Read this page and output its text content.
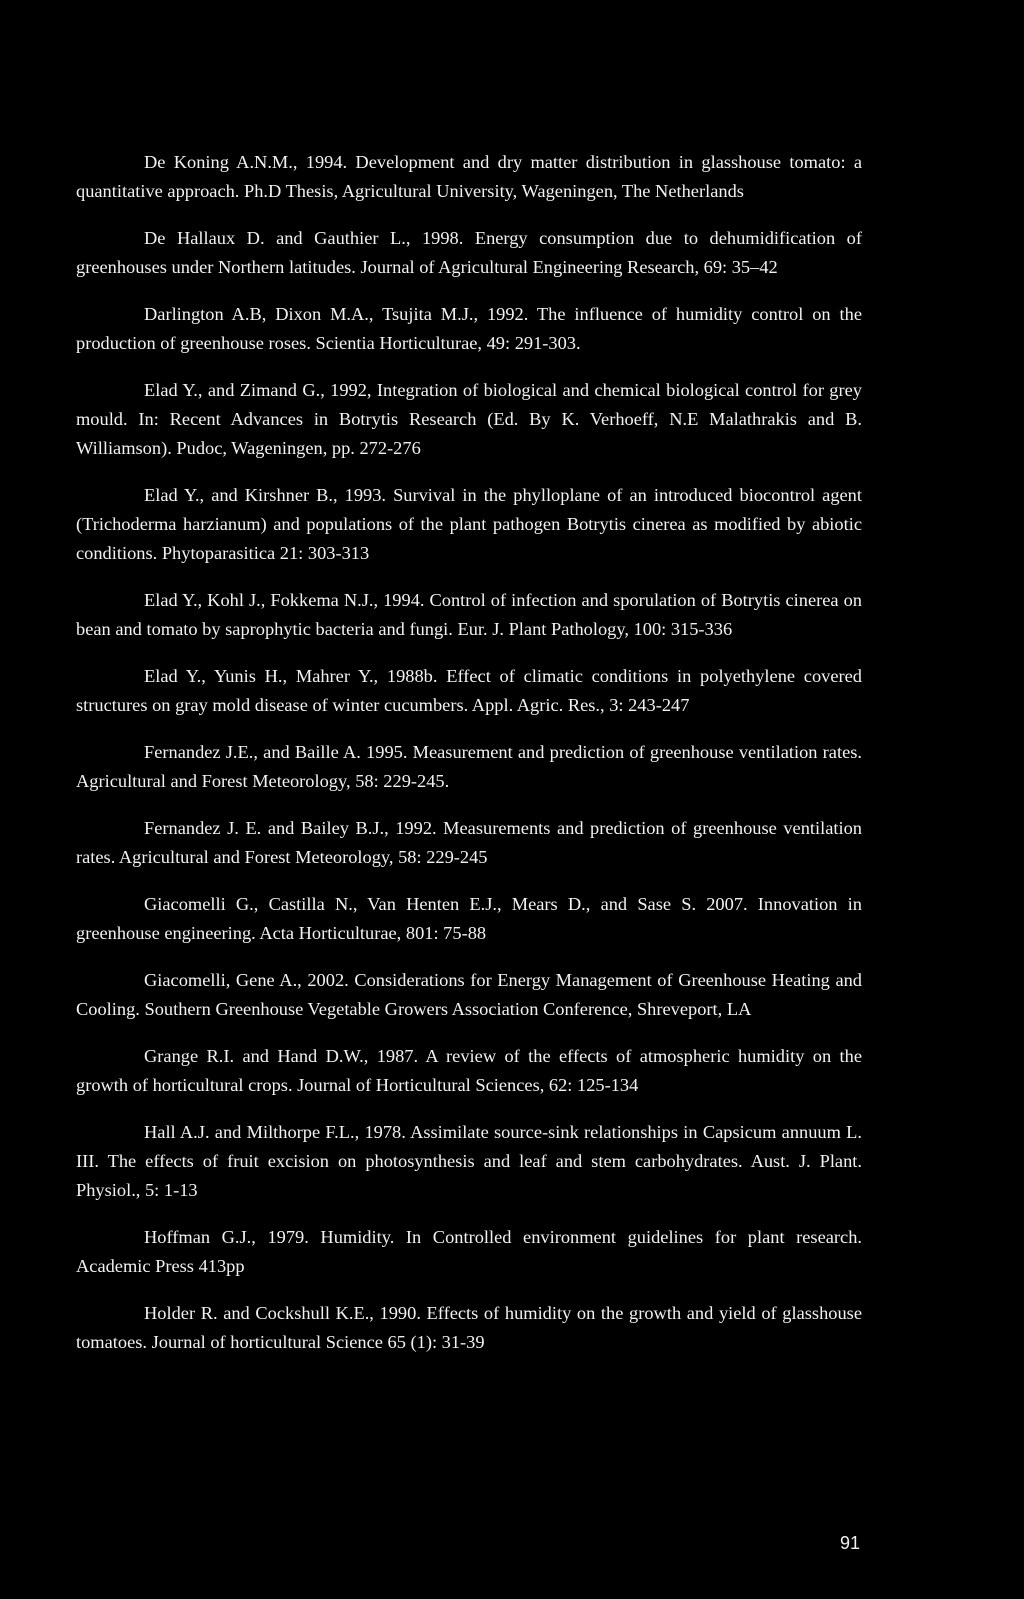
De Koning A.N.M., 1994. Development and dry matter distribution in glasshouse tomato: a quantitative approach. Ph.D Thesis, Agricultural University, Wageningen, The Netherlands

De Hallaux D. and Gauthier L., 1998. Energy consumption due to dehumidification of greenhouses under Northern latitudes. Journal of Agricultural Engineering Research, 69: 35–42

Darlington A.B, Dixon M.A., Tsujita M.J., 1992. The influence of humidity control on the production of greenhouse roses. Scientia Horticulturae, 49: 291-303.

Elad Y., and Zimand G., 1992, Integration of biological and chemical biological control for grey mould. In: Recent Advances in Botrytis Research (Ed. By K. Verhoeff, N.E Malathrakis and B. Williamson). Pudoc, Wageningen, pp. 272-276

Elad Y., and Kirshner B., 1993. Survival in the phylloplane of an introduced biocontrol agent (Trichoderma harzianum) and populations of the plant pathogen Botrytis cinerea as modified by abiotic conditions. Phytoparasitica 21: 303-313

Elad Y., Kohl J., Fokkema N.J., 1994. Control of infection and sporulation of Botrytis cinerea on bean and tomato by saprophytic bacteria and fungi. Eur. J. Plant Pathology, 100: 315-336

Elad Y., Yunis H., Mahrer Y., 1988b. Effect of climatic conditions in polyethylene covered structures on gray mold disease of winter cucumbers. Appl. Agric. Res., 3: 243-247

Fernandez J.E., and Baille A. 1995. Measurement and prediction of greenhouse ventilation rates. Agricultural and Forest Meteorology, 58: 229-245.

Fernandez J. E. and Bailey B.J., 1992. Measurements and prediction of greenhouse ventilation rates. Agricultural and Forest Meteorology, 58: 229-245

Giacomelli G., Castilla N., Van Henten E.J., Mears D., and Sase S. 2007. Innovation in greenhouse engineering. Acta Horticulturae, 801: 75-88

Giacomelli, Gene A., 2002. Considerations for Energy Management of Greenhouse Heating and Cooling. Southern Greenhouse Vegetable Growers Association Conference, Shreveport, LA

Grange R.I. and Hand D.W., 1987. A review of the effects of atmospheric humidity on the growth of horticultural crops. Journal of Horticultural Sciences, 62: 125-134

Hall A.J. and Milthorpe F.L., 1978. Assimilate source-sink relationships in Capsicum annuum L. III. The effects of fruit excision on photosynthesis and leaf and stem carbohydrates. Aust. J. Plant. Physiol., 5: 1-13

Hoffman G.J., 1979. Humidity. In Controlled environment guidelines for plant research. Academic Press 413pp

Holder R. and Cockshull K.E., 1990. Effects of humidity on the growth and yield of glasshouse tomatoes. Journal of horticultural Science 65 (1): 31-39

91
